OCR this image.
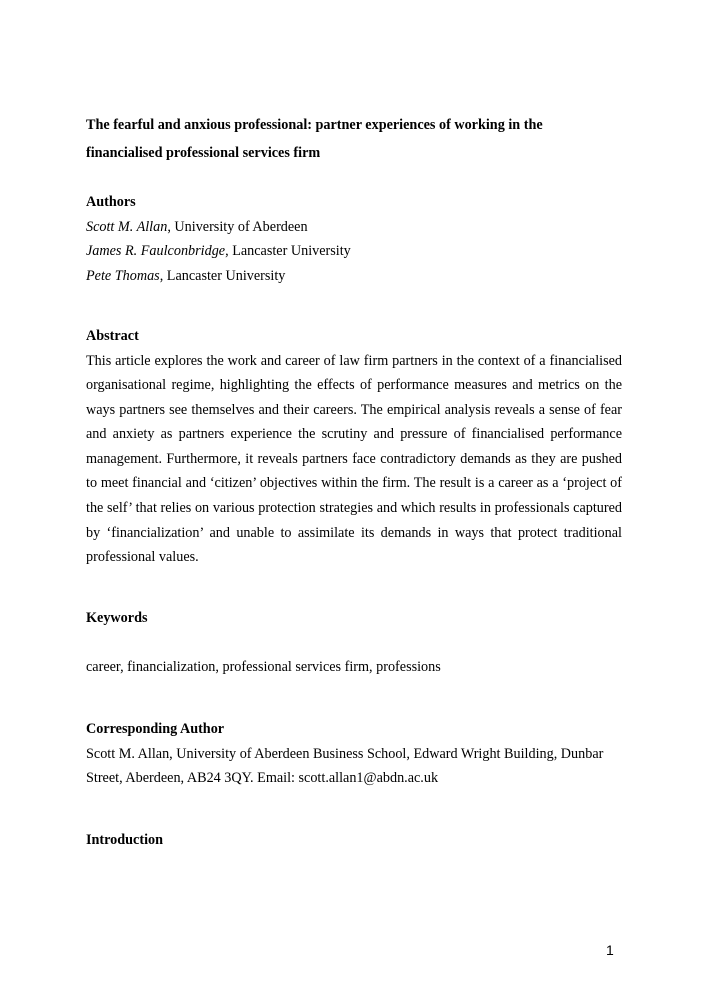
The fearful and anxious professional: partner experiences of working in the financialised professional services firm

Authors

Scott M. Allan, University of Aberdeen
James R. Faulconbridge, Lancaster University
Pete Thomas, Lancaster University

Abstract

This article explores the work and career of law firm partners in the context of a financialised organisational regime, highlighting the effects of performance measures and metrics on the ways partners see themselves and their careers. The empirical analysis reveals a sense of fear and anxiety as partners experience the scrutiny and pressure of financialised performance management. Furthermore, it reveals partners face contradictory demands as they are pushed to meet financial and ‘citizen’ objectives within the firm. The result is a career as a ‘project of the self’ that relies on various protection strategies and which results in professionals captured by ‘financialization’ and unable to assimilate its demands in ways that protect traditional professional values.

Keywords

career, financialization, professional services firm, professions

Corresponding Author

Scott M. Allan, University of Aberdeen Business School, Edward Wright Building, Dunbar Street, Aberdeen, AB24 3QY. Email: scott.allan1@abdn.ac.uk

Introduction

1
